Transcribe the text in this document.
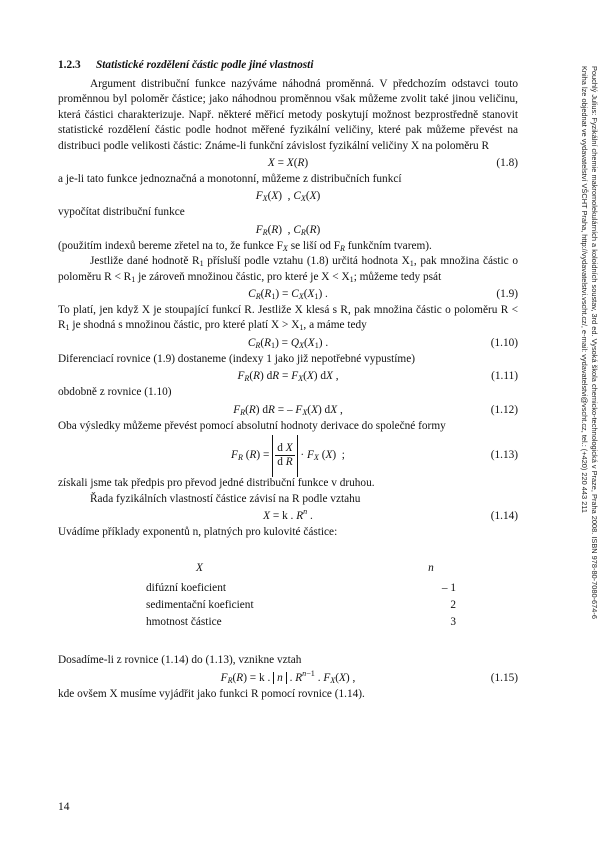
1.2.3 Statistické rozdělení částic podle jiné vlastnosti

Argument distribuční funkce nazýváme náhodná proměnná. V předchozím odstavci touto proměnnou byl poloměr částice; jako náhodnou proměnnou však můžeme zvolit také jinou veličinu, která částici charakterizuje. Např. některé měřicí metody poskytují možnost bezprostředně stanovit statistické rozdělení částic podle hodnot měřené fyzikální veličiny, které pak můžeme převést na distribuci podle velikosti částic: Známe-li funkční závislost fyzikální veličiny X na poloměru R

X = X(R)	(1.8)

a je-li tato funkce jednoznačná a monotonní, můžeme z distribučních funkcí

$F_X(X)$  , $C_X(X)$

vypočítat distribuční funkce

$F_R(R)$  , $C_R(R)$

(použitím indexů bereme zřetel na to, že funkce $F_X$ se liší od $F_R$ funkčním tvarem).

Jestliže dané hodnotě $R_1$ přísluší podle vztahu (1.8) určitá hodnota $X_1$, pak množina částic o poloměru $R < R_1$ je zároveň množinou částic, pro které je $X < X_1$; můžeme tedy psát

$C_R(R_1) = C_X(X_1)$ .	(1.9)

To platí, jen když X je stoupající funkcí R. Jestliže X klesá s R, pak množina částic o poloměru $R < R_1$ je shodná s množinou částic, pro které platí $X > X_1$, a máme tedy

$C_R(R_1) = Q_X(X_1)$ .	(1.10)

Diferenciací rovnice (1.9) dostaneme (indexy 1 jako již nepotřebné vypustíme)

$F_R(R)$ dR = $F_X(X)$ dX ,	(1.11)

obdobně z rovnice (1.10)

$F_R(R)$ dR = – $F_X(X)$ dX ,	(1.12)

Oba výsledky můžeme převést pomocí absolutní hodnoty derivace do společné formy

$F_R$ $(R) = \frac{\text{d X}}{\text{d R}} \cdot F_X$ (X)  ;	(1.13)

získali jsme tak předpis pro převod jedné distribuční funkce v druhou.

Řada fyzikálních vlastností částice závisí na R podle vztahu

X = k . $R^n$ .	(1.14)

Uvádíme příklady exponentů n, platných pro kulovité částice:

X	n
difúzní koeficient	– 1
sedimentační koeficient	2
hmotnost částice	3

Dosadíme-li z rovnice (1.14) do (1.13), vznikne vztah

$F_R(R) = k$ . n . $R^{n-1}$ . $F_X(X)$ ,	(1.15)

kde ovšem X musíme vyjádřit jako funkci R pomocí rovnice (1.14).

14
Pouchlý Julius: Fyzikální chemie makromolekulárních a koloidních soustav, 3rd ed. Vysoká škola chemicko-technologická v Praze, Praha 2008. ISBN 978-80-7080-674-6
Kniha lze objednat ve vydavatelství VŠCHT Praha, http://vydavatelstvi.vscht.cz/, e-mail: vydavatelstvi@vscht.cz, tel.: (+420) 220 443 211
